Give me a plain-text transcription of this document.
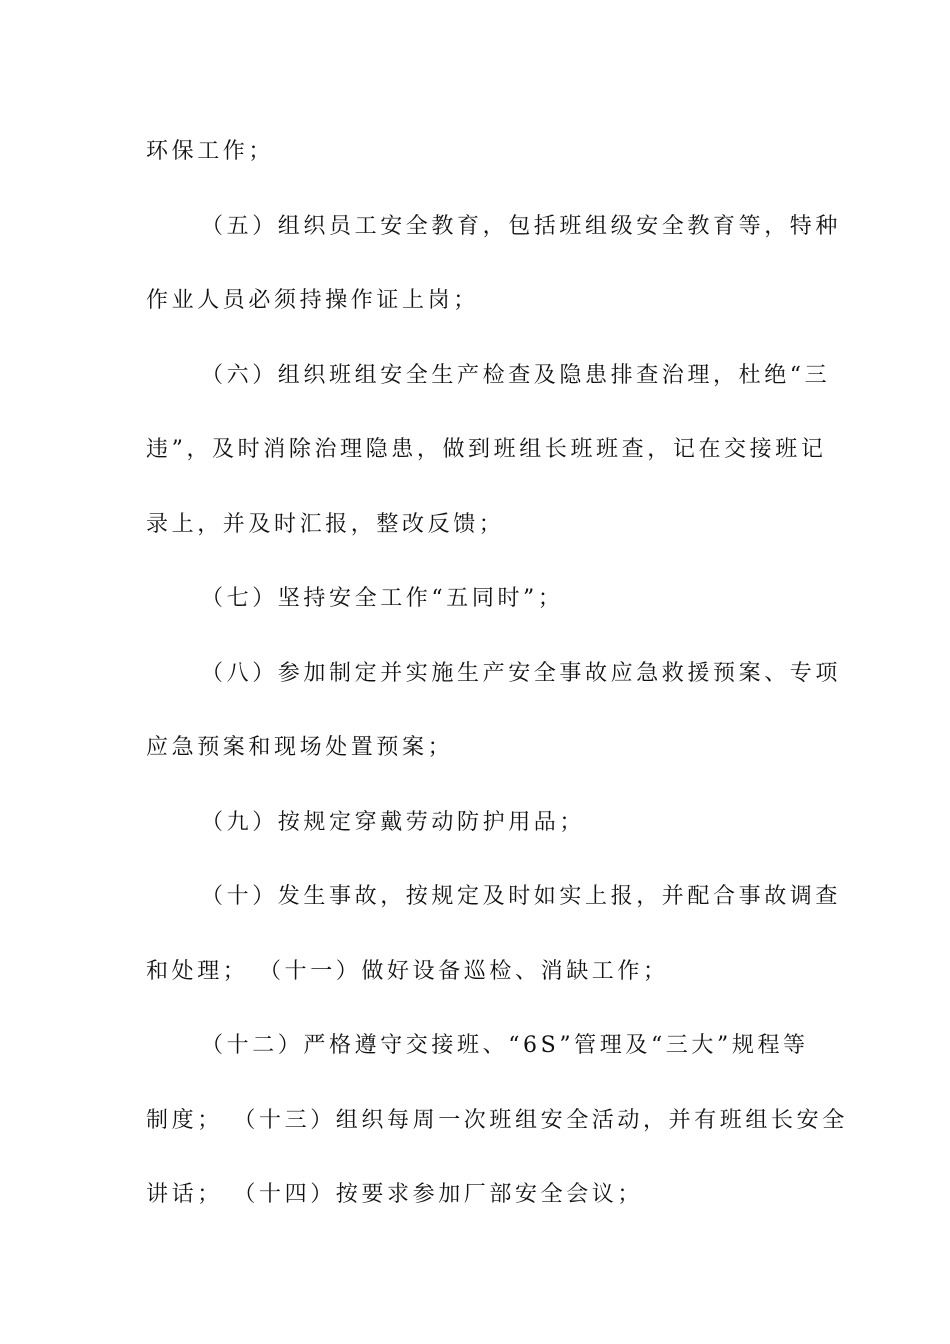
环保工作；
（五）组织员工安全教育，包括班组级安全教育等，特种
作业人员必须持操作证上岗；
（六）组织班组安全生产检查及隐患排查治理，杜绝“三
违”，及时消除治理隐患，做到班组长班班查，记在交接班记
录上，并及时汇报，整改反馈；
（七）坚持安全工作“五同时”；
（八）参加制定并实施生产安全事故应急救援预案、专项
应急预案和现场处置预案；
（九）按规定穿戴劳动防护用品；
（十）发生事故，按规定及时如实上报，并配合事故调查
和处理； （十一）做好设备巡检、消缺工作；
（十二）严格遵守交接班、“6S”管理及“三大”规程等
制度； （十三）组织每周一次班组安全活动，并有班组长安全
讲话； （十四）按要求参加厂部安全会议；
